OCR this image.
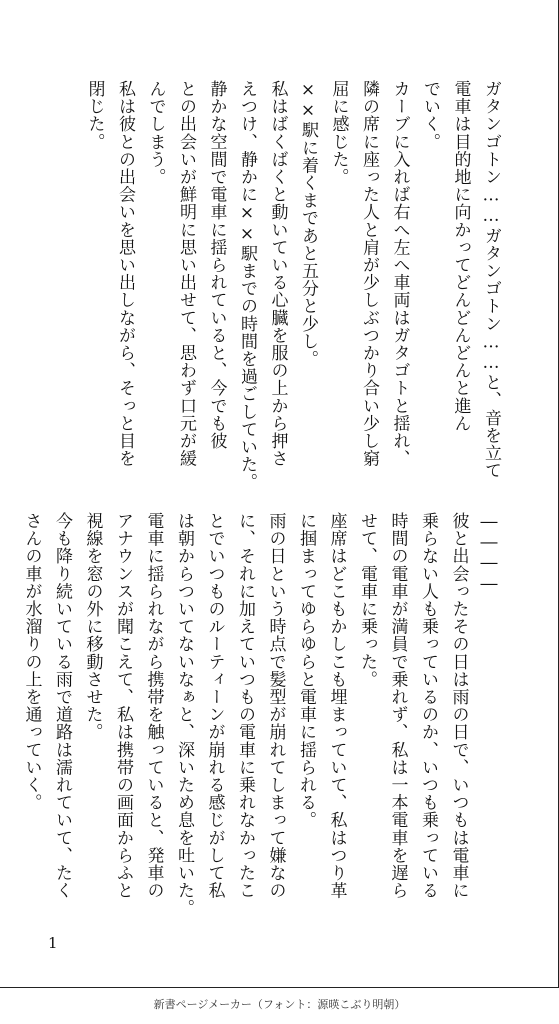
ガタンゴトン……ガタンゴトン……と、音を立て

電車は目的地に向かってどんどんどんと進ん

でいく。

カーブに入れば右へ左へ車両はガタゴトと揺れ、

隣の席に座った人と肩が少しぶつかり合い少し窮

屈に感じた。

××駅に着くまであと五分と少し。

私はばくばくと動いている心臓を服の上から押さ

えつけ、静かに××駅までの時間を過ごしていた。

静かな空間で電車に揺られていると、今でも彼

との出会いが鮮明に思い出せて、思わず口元が緩

んでしまう。

私は彼との出会いを思い出しながら、そっと目を

閉じた。

――――

彼と出会ったその日は雨の日で、いつもは電車に

乗らない人も乗っているのか、いつも乗っている

時間の電車が満員で乗れず、私は一本電車を遅ら

せて、電車に乗った。

座席はどこもかしこも埋まっていて、私はつり革

に掴まってゆらゆらと電車に揺られる。

雨の日という時点で髪型が崩れてしまって嫌なの

に、それに加えていつもの電車に乗れなかったこ

とでいつものルーティーンが崩れる感じがして私

は朝からついてないなぁと、深いため息を吐いた。

電車に揺られながら携帯を触っていると、発車の

アナウンスが聞こえて、私は携帯の画面からふと

視線を窓の外に移動させた。

今も降り続いている雨で道路は濡れていて、たく

さんの車が水溜りの上を通っていく。

1
新書ページメーカー（フォント：源暎こぶり明朝）
